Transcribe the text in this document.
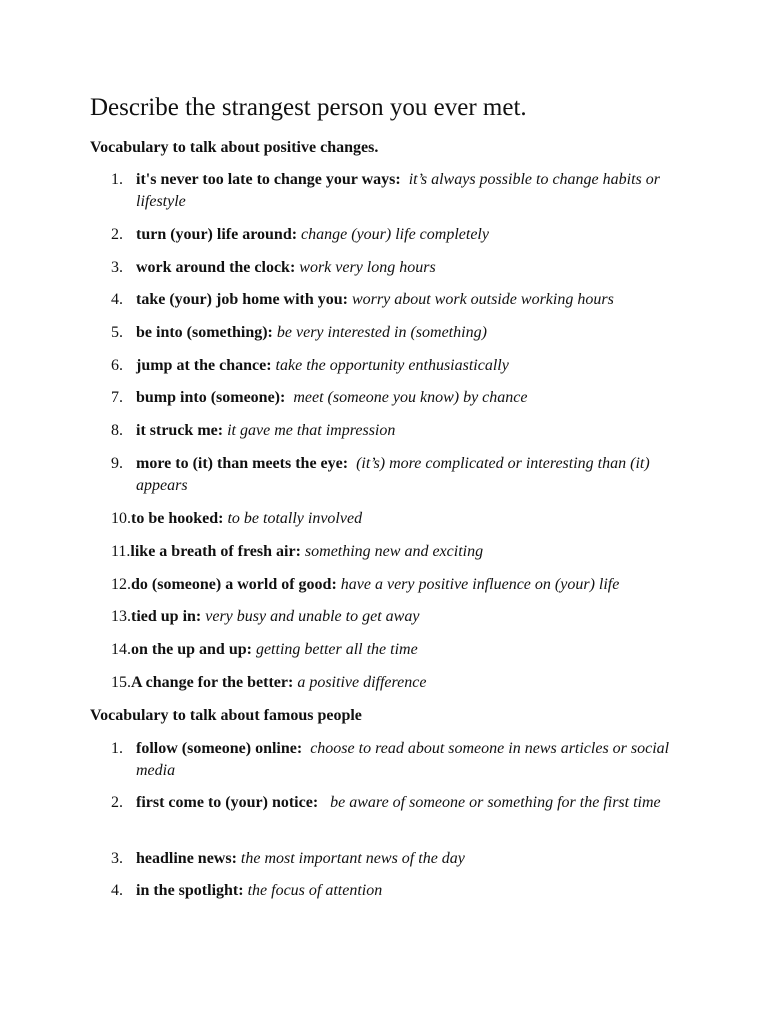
Describe the strangest person you ever met.
Vocabulary to talk about positive changes.
1. it's never too late to change your ways: it’s always possible to change habits or lifestyle
2. turn (your) life around: change (your) life completely
3. work around the clock: work very long hours
4. take (your) job home with you: worry about work outside working hours
5. be into (something): be very interested in (something)
6. jump at the chance: take the opportunity enthusiastically
7. bump into (someone): meet (someone you know) by chance
8. it struck me: it gave me that impression
9. more to (it) than meets the eye: (it’s) more complicated or interesting than (it) appears
10.to be hooked: to be totally involved
11.like a breath of fresh air: something new and exciting
12.do (someone) a world of good: have a very positive influence on (your) life
13.tied up in: very busy and unable to get away
14.on the up and up: getting better all the time
15.A change for the better: a positive difference
Vocabulary to talk about famous people
1. follow (someone) online: choose to read about someone in news articles or social media
2. first come to (your) notice: be aware of someone or something for the first time
3. headline news: the most important news of the day
4. in the spotlight: the focus of attention
